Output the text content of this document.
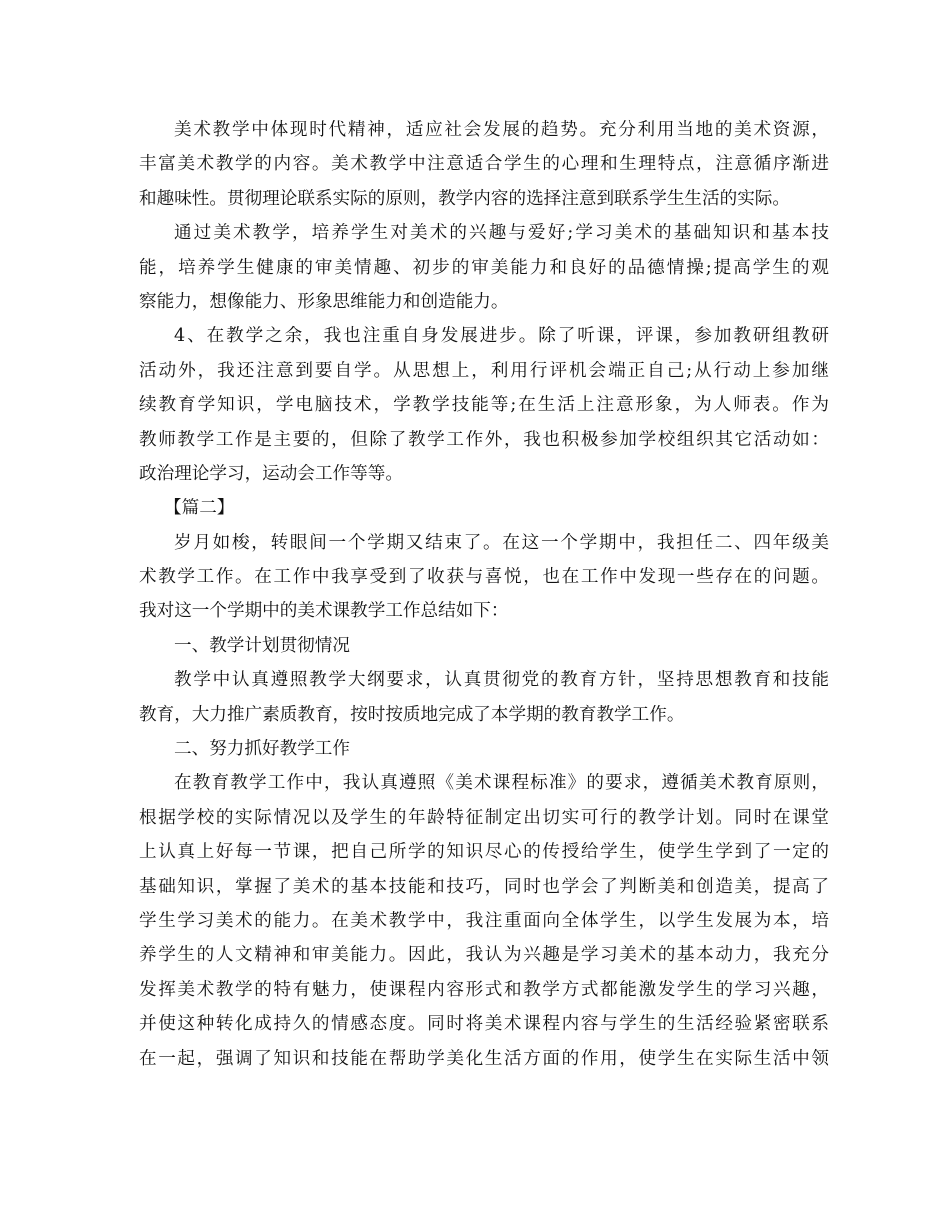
美术教学中体现时代精神，适应社会发展的趋势。充分利用当地的美术资源，
丰富美术教学的内容。美术教学中注意适合学生的心理和生理特点，注意循序渐进
和趣味性。贯彻理论联系实际的原则，教学内容的选择注意到联系学生生活的实际。
通过美术教学，培养学生对美术的兴趣与爱好;学习美术的基础知识和基本技
能，培养学生健康的审美情趣、初步的审美能力和良好的品德情操;提高学生的观
察能力，想像能力、形象思维能力和创造能力。
4、在教学之余，我也注重自身发展进步。除了听课，评课，参加教研组教研
活动外，我还注意到要自学。从思想上，利用行评机会端正自己;从行动上参加继
续教育学知识，学电脑技术，学教学技能等;在生活上注意形象，为人师表。作为
教师教学工作是主要的，但除了教学工作外，我也积极参加学校组织其它活动如：
政治理论学习，运动会工作等等。
【篇二】
岁月如梭，转眼间一个学期又结束了。在这一个学期中，我担任二、四年级美
术教学工作。在工作中我享受到了收获与喜悦，也在工作中发现一些存在的问题。
我对这一个学期中的美术课教学工作总结如下：
一、教学计划贯彻情况
教学中认真遵照教学大纲要求，认真贯彻党的教育方针，坚持思想教育和技能
教育，大力推广素质教育，按时按质地完成了本学期的教育教学工作。
二、努力抓好教学工作
在教育教学工作中，我认真遵照《美术课程标准》的要求，遵循美术教育原则，
根据学校的实际情况以及学生的年龄特征制定出切实可行的教学计划。同时在课堂
上认真上好每一节课，把自己所学的知识尽心的传授给学生，使学生学到了一定的
基础知识，掌握了美术的基本技能和技巧，同时也学会了判断美和创造美，提高了
学生学习美术的能力。在美术教学中，我注重面向全体学生，以学生发展为本，培
养学生的人文精神和审美能力。因此，我认为兴趣是学习美术的基本动力，我充分
发挥美术教学的特有魅力，使课程内容形式和教学方式都能激发学生的学习兴趣，
并使这种转化成持久的情感态度。同时将美术课程内容与学生的生活经验紧密联系
在一起，强调了知识和技能在帮助学美化生活方面的作用，使学生在实际生活中领
